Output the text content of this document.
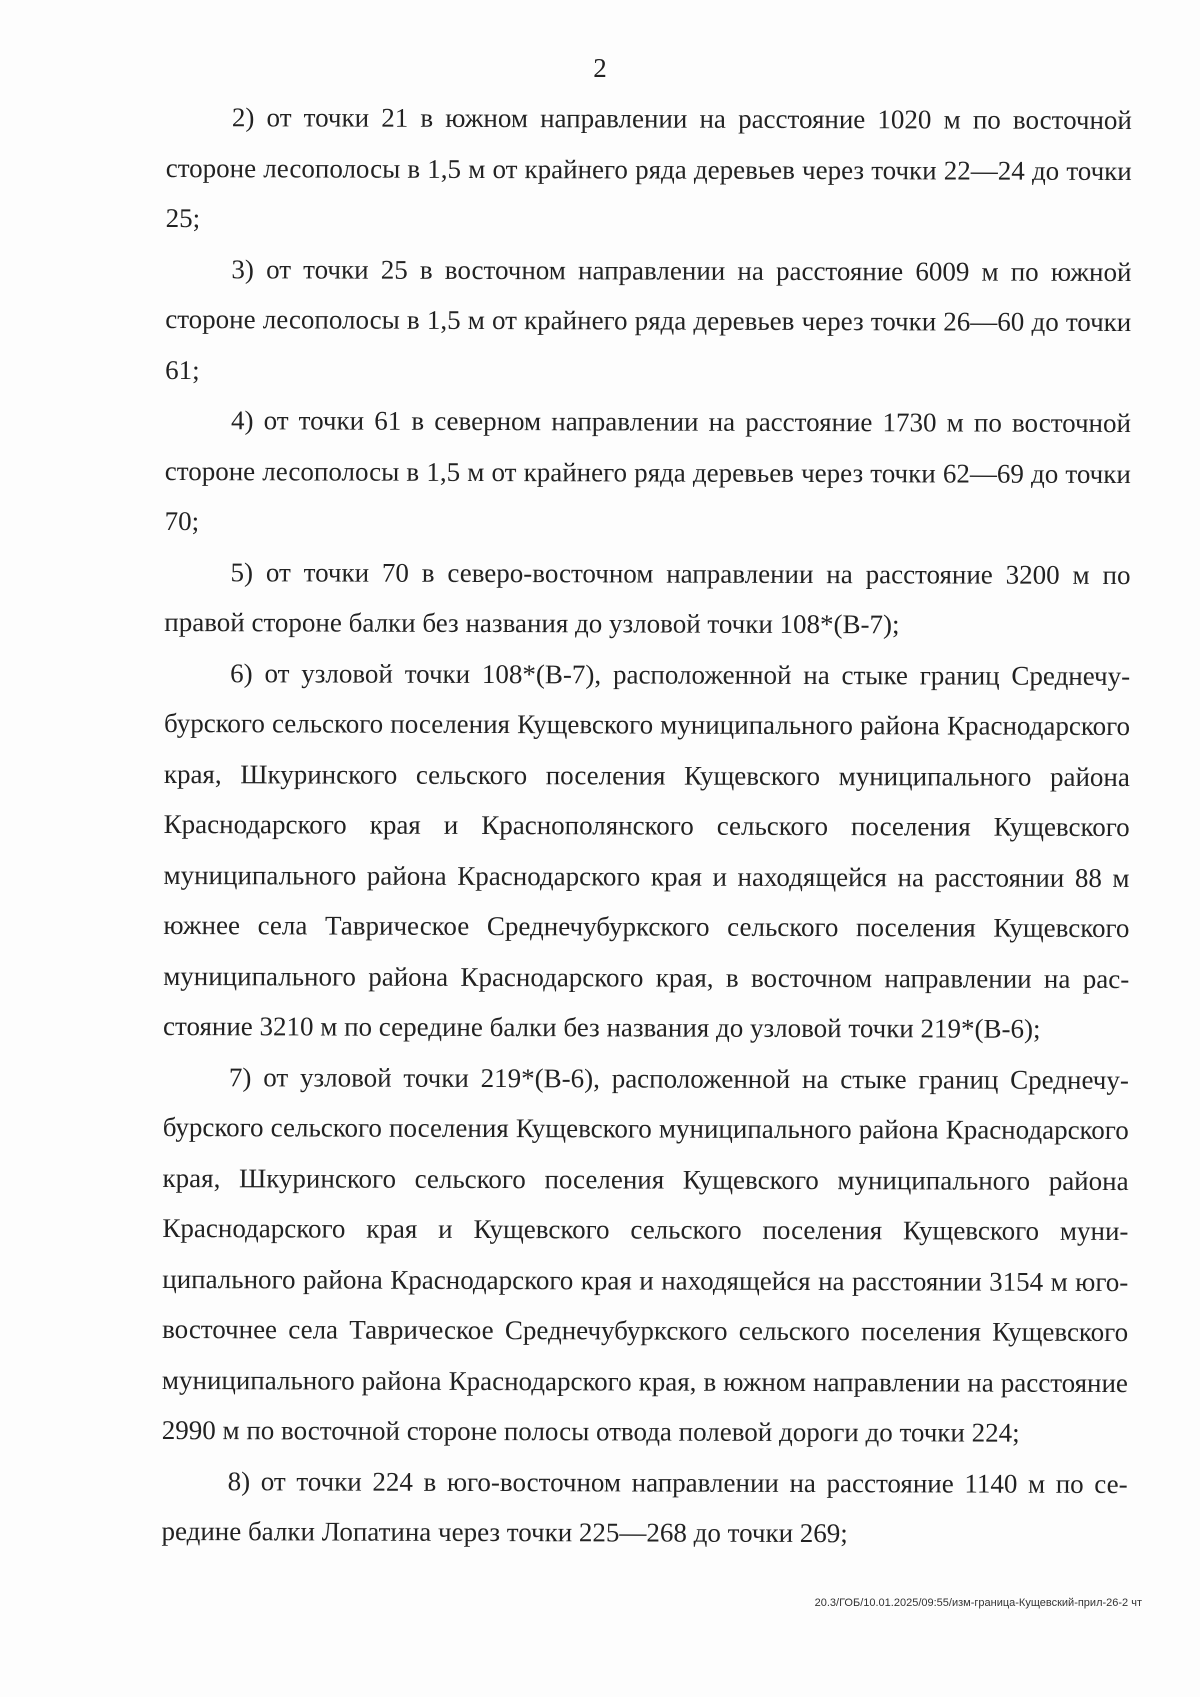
2

2) от точки 21 в южном направлении на расстояние 1020 м по восточной стороне лесополосы в 1,5 м от крайнего ряда деревьев через точки 22—24 до точки 25;

3) от точки 25 в восточном направлении на расстояние 6009 м по южной стороне лесополосы в 1,5 м от крайнего ряда деревьев через точки 26—60 до точки 61;

4) от точки 61 в северном направлении на расстояние 1730 м по восточной стороне лесополосы в 1,5 м от крайнего ряда деревьев через точки 62—69 до точки 70;

5) от точки 70 в северо-восточном направлении на расстояние 3200 м по правой стороне балки без названия до узловой точки 108*(В-7);

6) от узловой точки 108*(В-7), расположенной на стыке границ Среднечубурского сельского поселения Кущевского муниципального района Краснодарского края, Шкуринского сельского поселения Кущевского муниципального района Краснодарского края и Краснополянского сельского поселения Кущевского муниципального района Краснодарского края и находящейся на расстоянии 88 м южнее села Таврическое Среднечубуркского сельского поселения Кущевского муниципального района Краснодарского края, в восточном направлении на расстояние 3210 м по середине балки без названия до узловой точки 219*(В-6);

7) от узловой точки 219*(В-6), расположенной на стыке границ Среднечубурского сельского поселения Кущевского муниципального района Краснодарского края, Шкуринского сельского поселения Кущевского муниципального района Краснодарского края и Кущевского сельского поселения Кущевского муниципального района Краснодарского края и находящейся на расстоянии 3154 м юго-восточнее села Таврическое Среднечубуркского сельского поселения Кущевского муниципального района Краснодарского края, в южном направлении на расстояние 2990 м по восточной стороне полосы отвода полевой дороги до точки 224;

8) от точки 224 в юго-восточном направлении на расстояние 1140 м по середине балки Лопатина через точки 225—268 до точки 269;

20.3/ГОБ/10.01.2025/09:55/изм-граница-Кущевский-прил-26-2 чт
